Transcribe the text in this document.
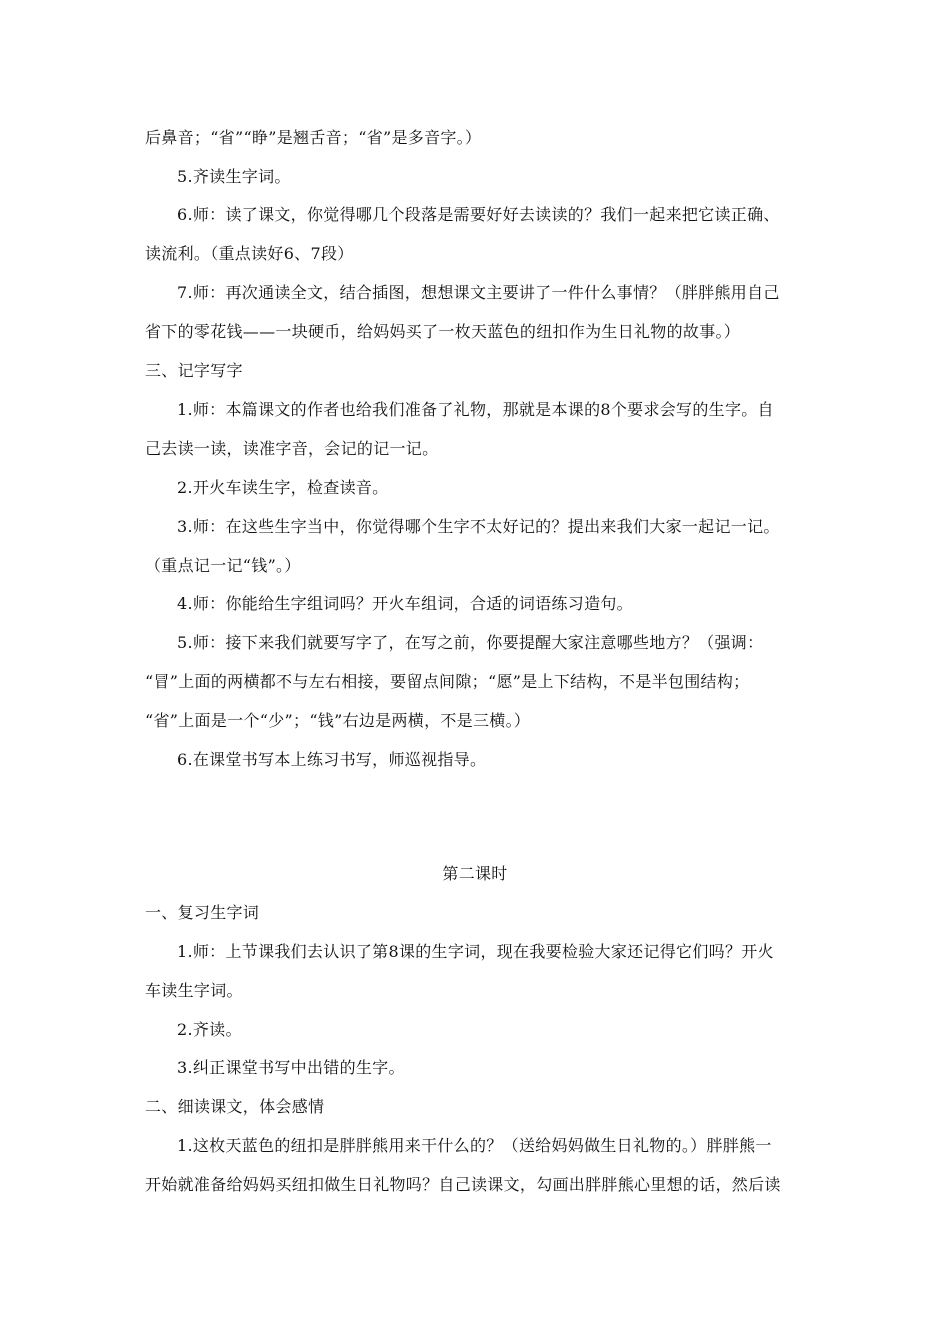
后鼻音；“省”“睁”是翘舌音；“省”是多音字。）
5.齐读生字词。
6.师：读了课文，你觉得哪几个段落是需要好好去读读的？我们一起来把它读正确、
读流利。（重点读好6、7段）
7.师：再次通读全文，结合插图，想想课文主要讲了一件什么事情？（胖胖熊用自己
省下的零花钱——一块硬币，给妈妈买了一枚天蓝色的纽扣作为生日礼物的故事。）
三、记字写字
1.师：本篇课文的作者也给我们准备了礼物，那就是本课的8个要求会写的生字。自
己去读一读，读准字音，会记的记一记。
2.开火车读生字，检查读音。
3.师：在这些生字当中，你觉得哪个生字不太好记的？提出来我们大家一起记一记。
（重点记一记“钱”。）
4.师：你能给生字组词吗？开火车组词，合适的词语练习造句。
5.师：接下来我们就要写字了，在写之前，你要提醒大家注意哪些地方？（强调：
“冒”上面的两横都不与左右相接，要留点间隙；“愿”是上下结构，不是半包围结构；
“省”上面是一个“少”；“钱”右边是两横，不是三横。）
6.在课堂书写本上练习书写，师巡视指导。
第二课时
一、复习生字词
1.师：上节课我们去认识了第8课的生字词，现在我要检验大家还记得它们吗？开火
车读生字词。
2.齐读。
3.纠正课堂书写中出错的生字。
二、细读课文，体会感情
1.这枚天蓝色的纽扣是胖胖熊用来干什么的？（送给妈妈做生日礼物的。）胖胖熊一
开始就准备给妈妈买纽扣做生日礼物吗？自己读课文，勾画出胖胖熊心里想的话，然后读
